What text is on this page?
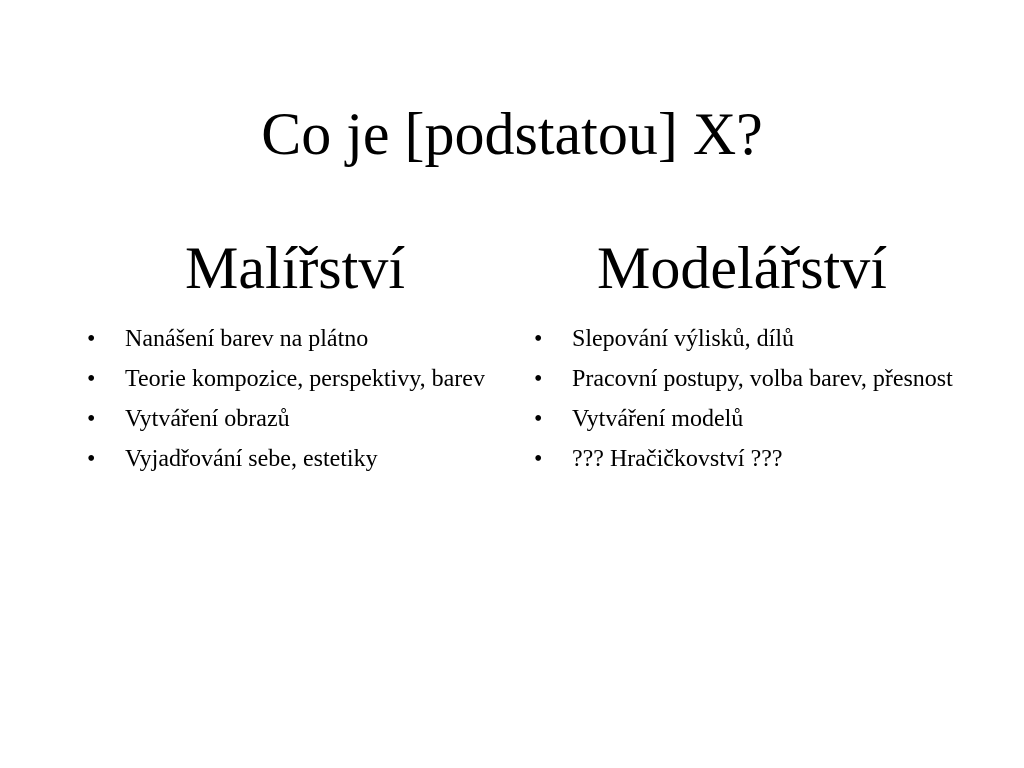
Co je [podstatou] X?
Malířství
• Nanášení barev na plátno
• Teorie kompozice, perspektivy, barev
• Vytváření obrazů
• Vyjadřování sebe, estetiky
Modelářství
• Slepování výlisků, dílů
• Pracovní postupy, volba barev, přesnost
• Vytváření modelů
• ??? Hračičkovství ???
